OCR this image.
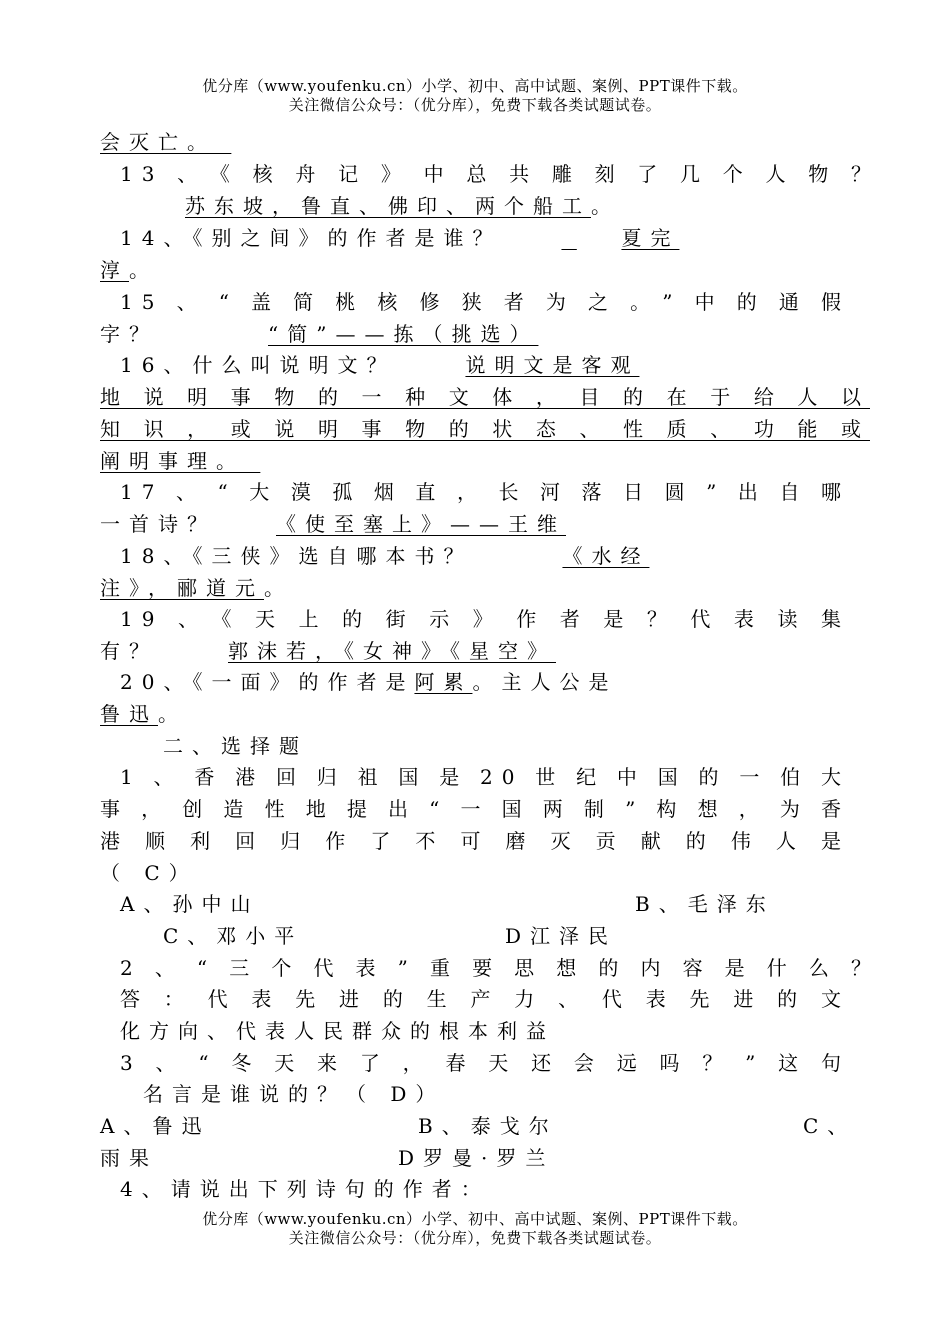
优分库（www.youfenku.cn）小学、初中、高中试题、案例、PPT课件下载。
关注微信公众号：（优分库），免费下载各类试题试卷。
会灭亡。
13、《核舟记》中总共雕刻了几个人物？
苏东坡，鲁直、佛印、两个船工。
14、《别之间》的作者是谁？	夏完
淳。
15、“盖简桃核修狭者为之。”中的通假
字？	“简”——拣（挑选）
16、什么叫说明文？	说明文是客观
地说明事物的一种文体，目的在于给人以
知识，或说明事物的状态、性质、功能或
阐明事理。
17、“大漠孤烟直，长河落日圆”出自哪
一首诗？	《使至塞上》——王维
18、《三侠》选自哪本书？	《水经
注》，郦道元。
19、《天上的街示》作者是？代表读集
有？	郭沫若，《女神》《星空》
20、《一面》的作者是阿累。主人公是
鲁迅。
二、选择题
1、香港回归祖国是20世纪中国的一伯大
事，创造性地提出“一国两制”构想，为香
港顺利回归作了不可磨灭贡献的伟人是
（ C）
A、孙中山	B、毛泽东
C、邓小平	D江泽民
2、“三个代表”重要思想的内容是什么？
答：代表先进的生产力、代表先进的文
化方向、代表人民群众的根本利益
3、“冬天来了，春天还会远吗？”这句
名言是谁说的？（ D）
A、鲁迅	B、泰戈尔	C、
雨果	D罗曼·罗兰
4、请说出下列诗句的作者：
优分库（www.youfenku.cn）小学、初中、高中试题、案例、PPT课件下载。
关注微信公众号：（优分库），免费下载各类试题试卷。
